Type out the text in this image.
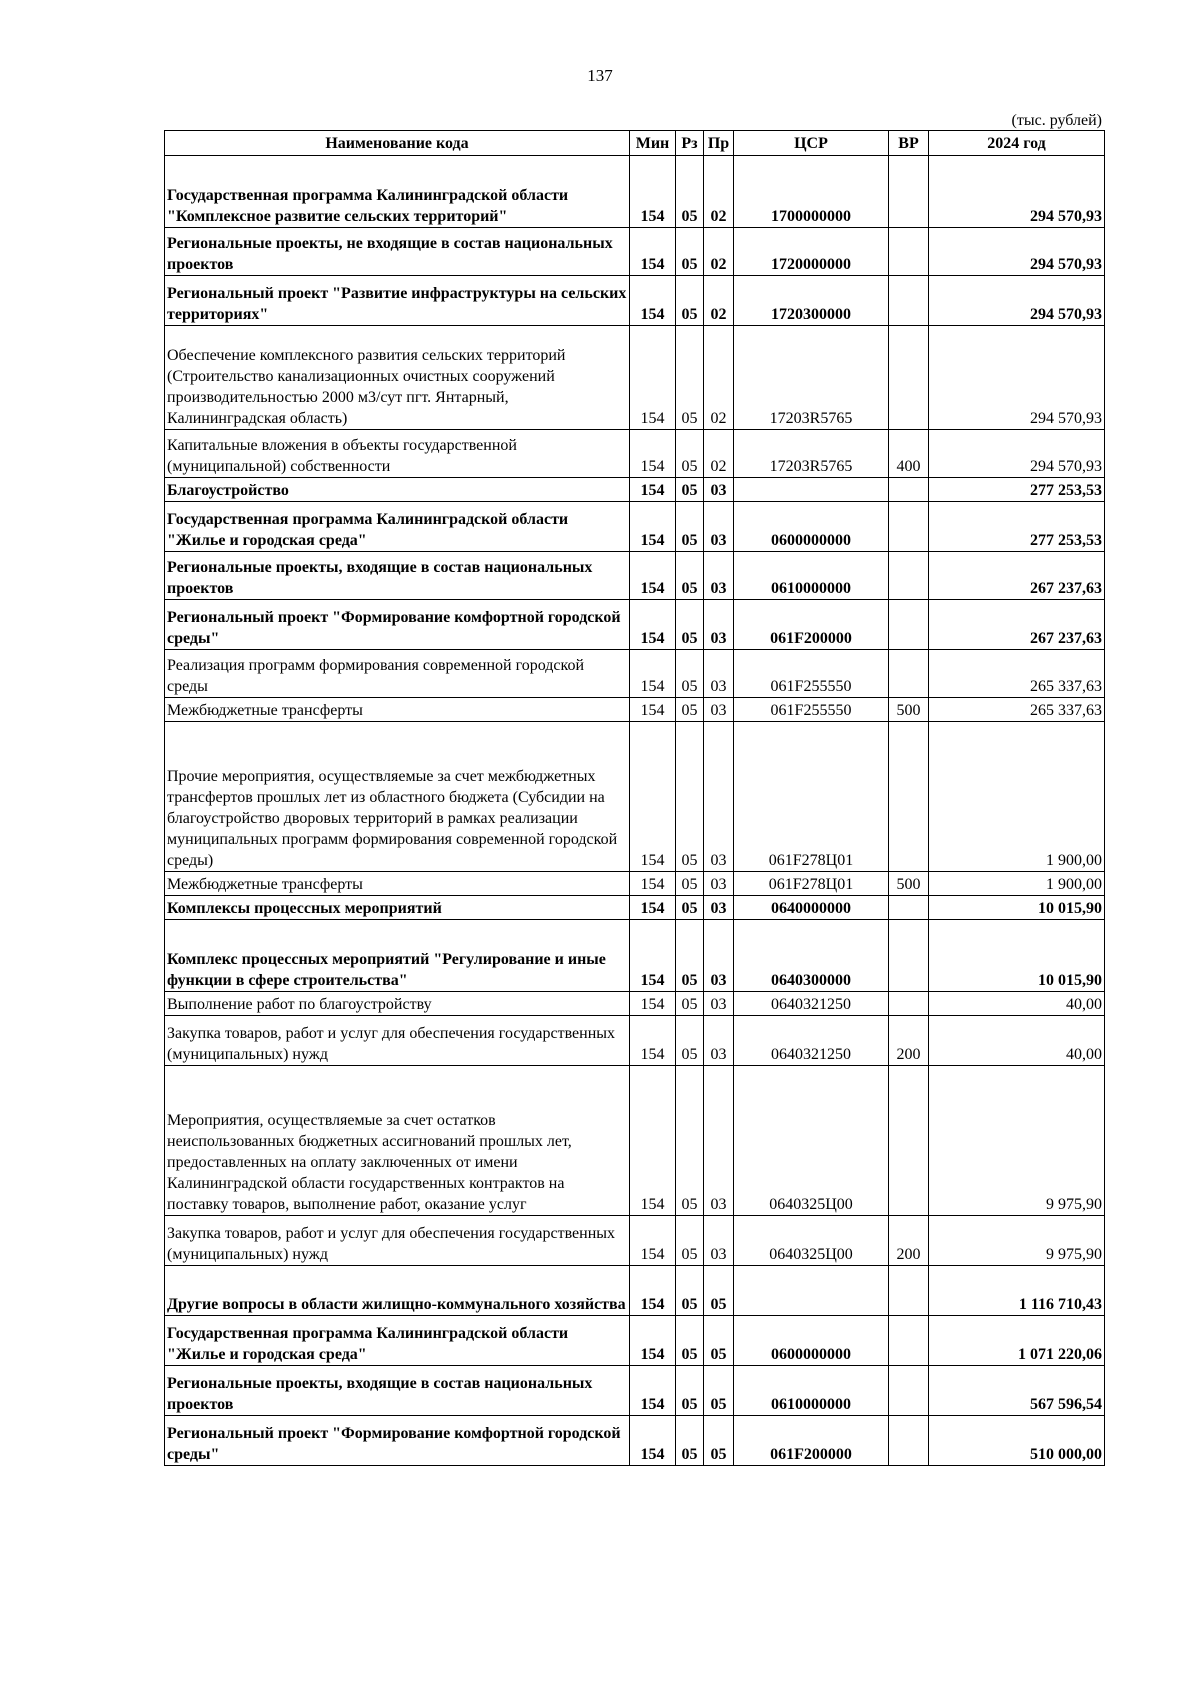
137
(тыс. рублей)
Наименование кода	Мин	Рз	Пр	ЦСР	ВР	2024 год
Государственная программа Калининградской области "Комплексное развитие сельских территорий"	154	05	02	1700000000		294 570,93
Региональные проекты, не входящие в состав национальных проектов	154	05	02	1720000000		294 570,93
Региональный проект "Развитие инфраструктуры на сельских территориях"	154	05	02	1720300000		294 570,93
Обеспечение комплексного развития сельских территорий (Строительство канализационных очистных сооружений производительностью 2000 м3/сут пгт. Янтарный, Калининградская область)	154	05	02	17203R5765		294 570,93
Капитальные вложения в объекты государственной (муниципальной) собственности	154	05	02	17203R5765	400	294 570,93
Благоустройство	154	05	03			277 253,53
Государственная программа Калининградской области "Жилье и городская среда"	154	05	03	0600000000		277 253,53
Региональные проекты, входящие в состав национальных проектов	154	05	03	0610000000		267 237,63
Региональный проект "Формирование комфортной городской среды"	154	05	03	061F200000		267 237,63
Реализация программ формирования современной городской среды	154	05	03	061F255550		265 337,63
Межбюджетные трансферты	154	05	03	061F255550	500	265 337,63
Прочие мероприятия, осуществляемые за счет межбюджетных трансфертов прошлых лет из областного бюджета (Субсидии на благоустройство дворовых территорий в рамках реализации муниципальных программ формирования современной городской среды)	154	05	03	061F278Ц01		1 900,00
Межбюджетные трансферты	154	05	03	061F278Ц01	500	1 900,00
Комплексы процессных мероприятий	154	05	03	0640000000		10 015,90
Комплекс процессных мероприятий "Регулирование и иные функции в сфере строительства"	154	05	03	0640300000		10 015,90
Выполнение работ по благоустройству	154	05	03	0640321250		40,00
Закупка товаров, работ и услуг для обеспечения государственных (муниципальных) нужд	154	05	03	0640321250	200	40,00
Мероприятия, осуществляемые за счет остатков неиспользованных бюджетных ассигнований прошлых лет, предоставленных на оплату заключенных от имени Калининградской области государственных контрактов на поставку товаров, выполнение работ, оказание услуг	154	05	03	0640325Ц00		9 975,90
Закупка товаров, работ и услуг для обеспечения государственных (муниципальных) нужд	154	05	03	0640325Ц00	200	9 975,90
Другие вопросы в области жилищно-коммунального хозяйства	154	05	05			1 116 710,43
Государственная программа Калининградской области "Жилье и городская среда"	154	05	05	0600000000		1 071 220,06
Региональные проекты, входящие в состав национальных проектов	154	05	05	0610000000		567 596,54
Региональный проект "Формирование комфортной городской среды"	154	05	05	061F200000		510 000,00
